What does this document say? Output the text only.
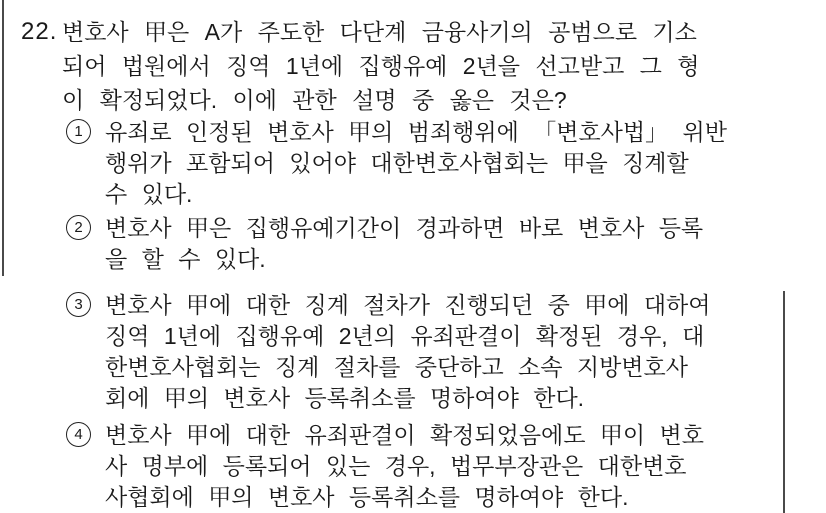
22. 변호사 甲은 A가 주도한 다단계 금융사기의 공범으로 기소
되어 법원에서 징역 1년에 집행유예 2년을 선고받고 그 형
이 확정되었다. 이에 관한 설명 중 옳은 것은?
1 유죄로 인정된 변호사 甲의 범죄행위에 「변호사법」 위반
행위가 포함되어 있어야 대한변호사협회는 甲을 징계할
수 있다.
2 변호사 甲은 집행유예기간이 경과하면 바로 변호사 등록
을 할 수 있다.
3 변호사 甲에 대한 징계 절차가 진행되던 중 甲에 대하여
징역 1년에 집행유예 2년의 유죄판결이 확정된 경우, 대
한변호사협회는 징계 절차를 중단하고 소속 지방변호사
회에 甲의 변호사 등록취소를 명하여야 한다.
4 변호사 甲에 대한 유죄판결이 확정되었음에도 甲이 변호
사 명부에 등록되어 있는 경우, 법무부장관은 대한변호
사협회에 甲의 변호사 등록취소를 명하여야 한다.
